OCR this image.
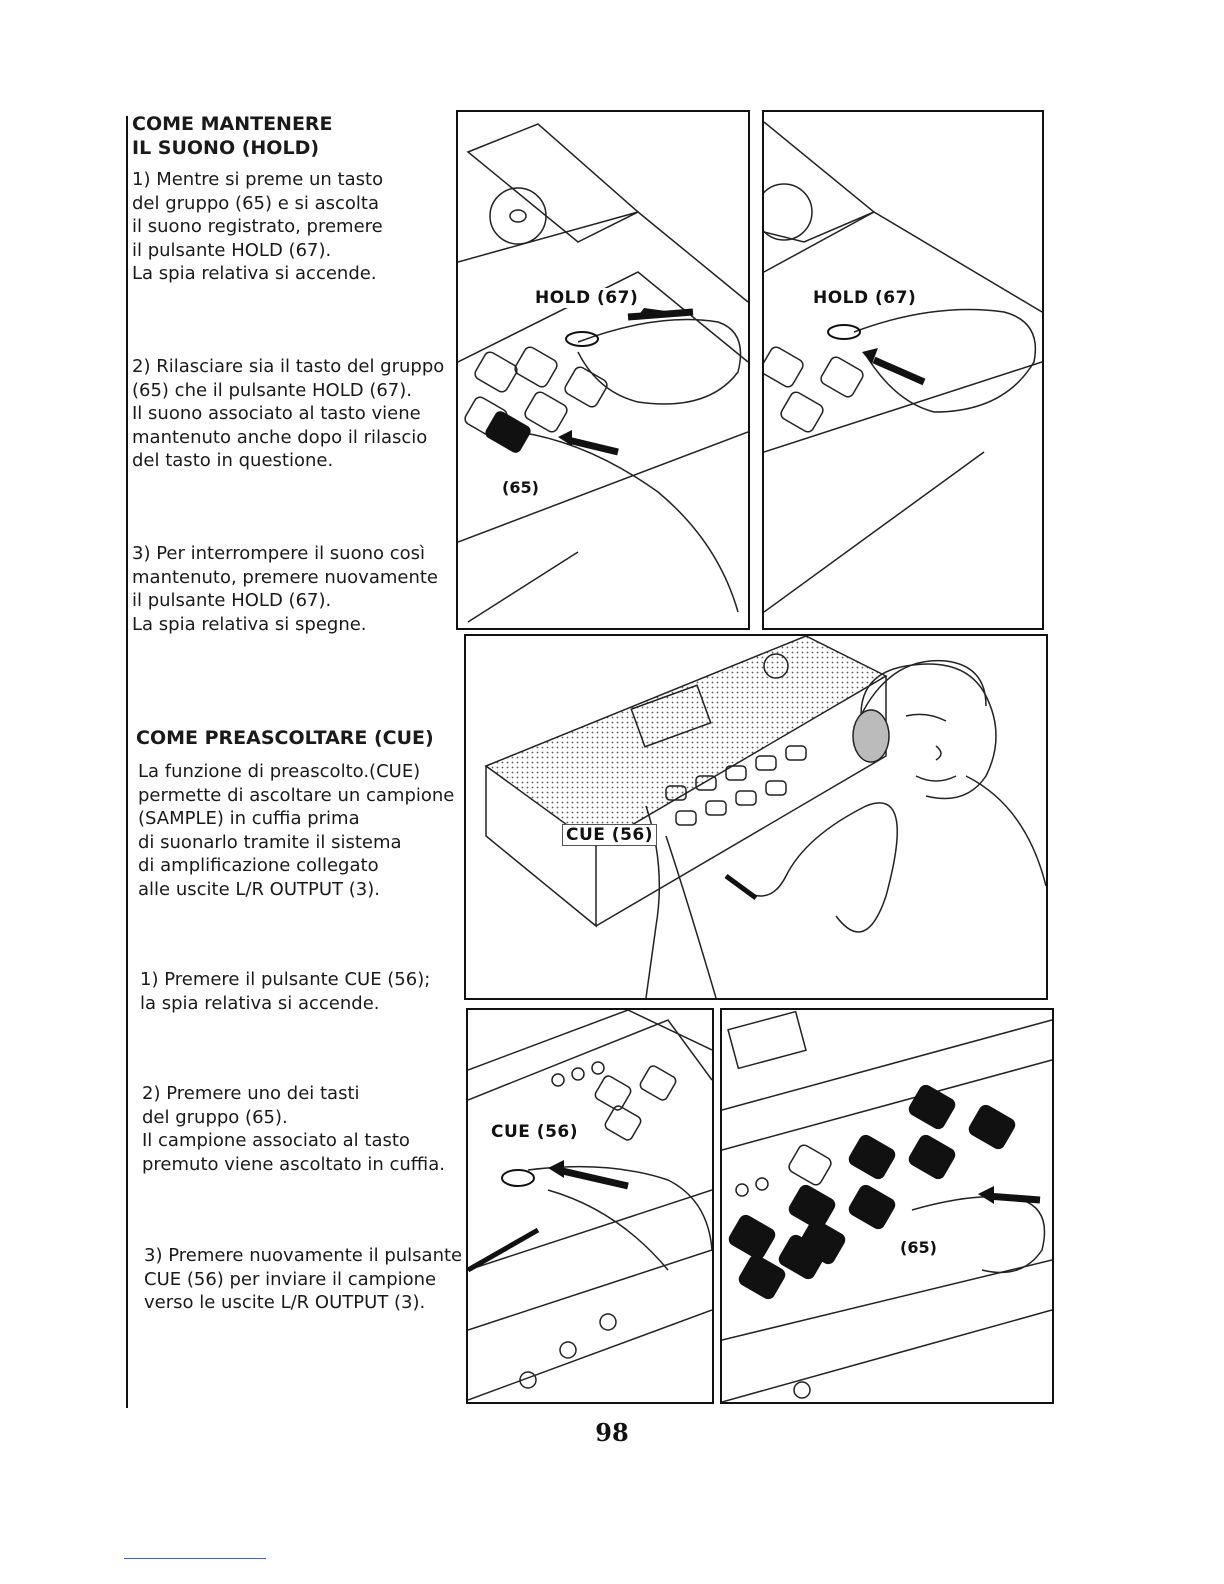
COME MANTENERE
IL SUONO (HOLD)

1) Mentre si preme un tasto
del gruppo (65) e si ascolta
il suono registrato, premere
il pulsante HOLD (67).
La spia relativa si accende.

2) Rilasciare sia il tasto del gruppo
(65) che il pulsante HOLD (67).
Il suono associato al tasto viene
mantenuto anche dopo il rilascio
del tasto in questione.

3) Per interrompere il suono così
mantenuto, premere nuovamente
il pulsante HOLD (67).
La spia relativa si spegne.

COME PREASCOLTARE (CUE)

La funzione di preascolto.(CUE)
permette di ascoltare un campione
(SAMPLE) in cuffia prima
di suonarlo tramite il sistema
di amplificazione collegato
alle uscite L/R OUTPUT (3).

1) Premere il pulsante CUE (56);
la spia relativa si accende.

2) Premere uno dei tasti
del gruppo (65).
Il campione associato al tasto
premuto viene ascoltato in cuffia.

3) Premere nuovamente il pulsante
CUE (56) per inviare il campione
verso le uscite L/R OUTPUT (3).

HOLD (67)
(65)
HOLD (67)
CUE (56)
CUE (56)
(65)
98
